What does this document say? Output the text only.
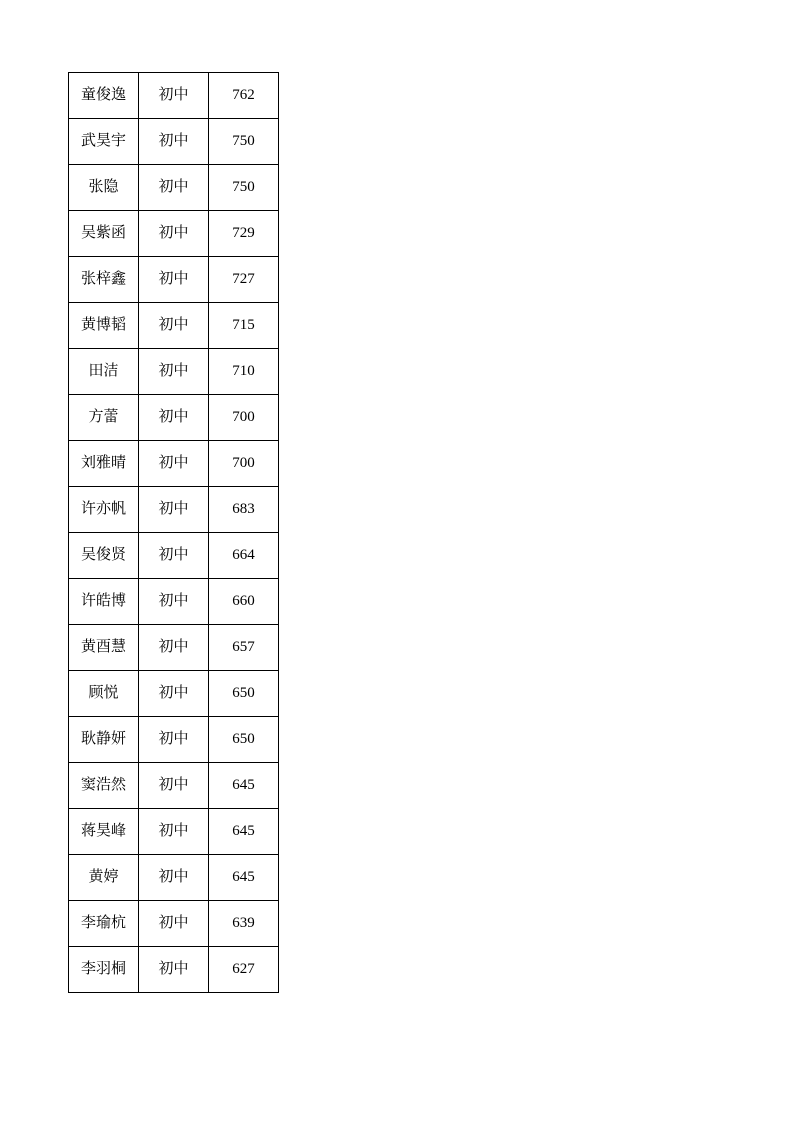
童俊逸	初中	762
武昊宇	初中	750
张隐	初中	750
吴紫函	初中	729
张梓鑫	初中	727
黄博韬	初中	715
田洁	初中	710
方蕾	初中	700
刘雅晴	初中	700
许亦帆	初中	683
吴俊贤	初中	664
许皓博	初中	660
黄酉慧	初中	657
顾悦	初中	650
耿静妍	初中	650
窦浩然	初中	645
蒋昊峰	初中	645
黄婷	初中	645
李瑜杭	初中	639
李羽桐	初中	627
